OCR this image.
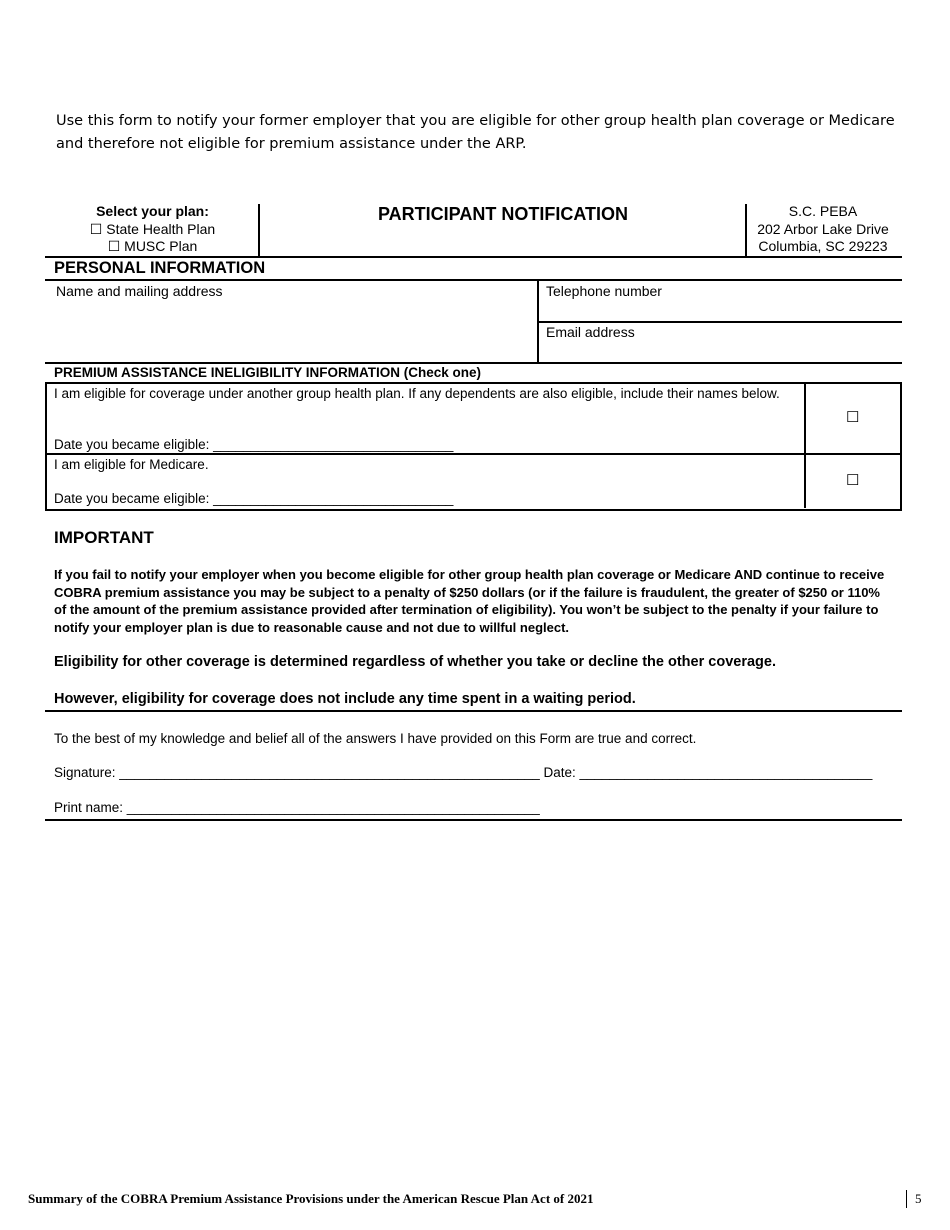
Use this form to notify your former employer that you are eligible for other group health plan coverage or Medicare and therefore not eligible for premium assistance under the ARP.
Select your plan:
☐ State Health Plan
☐ MUSC Plan
PARTICIPANT NOTIFICATION	S.C. PEBA
202 Arbor Lake Drive
Columbia, SC 29223
PERSONAL INFORMATION
Name and mailing address	Telephone number
Email address
PREMIUM ASSISTANCE INELIGIBILITY INFORMATION (Check one)
I am eligible for coverage under another group health plan. If any dependents are also eligible, include their names below.
Date you became eligible: ________________________________
☐
I am eligible for Medicare.
Date you became eligible: ________________________________
☐
IMPORTANT
If you fail to notify your employer when you become eligible for other group health plan coverage or Medicare AND continue to receive COBRA premium assistance you may be subject to a penalty of $250 dollars (or if the failure is fraudulent, the greater of $250 or 110% of the amount of the premium assistance provided after termination of eligibility). You won’t be subject to the penalty if your failure to notify your employer plan is due to reasonable cause and not due to willful neglect.
Eligibility for other coverage is determined regardless of whether you take or decline the other coverage.
However, eligibility for coverage does not include any time spent in a waiting period.
To the best of my knowledge and belief all of the answers I have provided on this Form are true and correct.
Signature: ________________________________________________________ Date: _______________________________________
Print name: _______________________________________________________
Summary of the COBRA Premium Assistance Provisions under the American Rescue Plan Act of 2021	5
